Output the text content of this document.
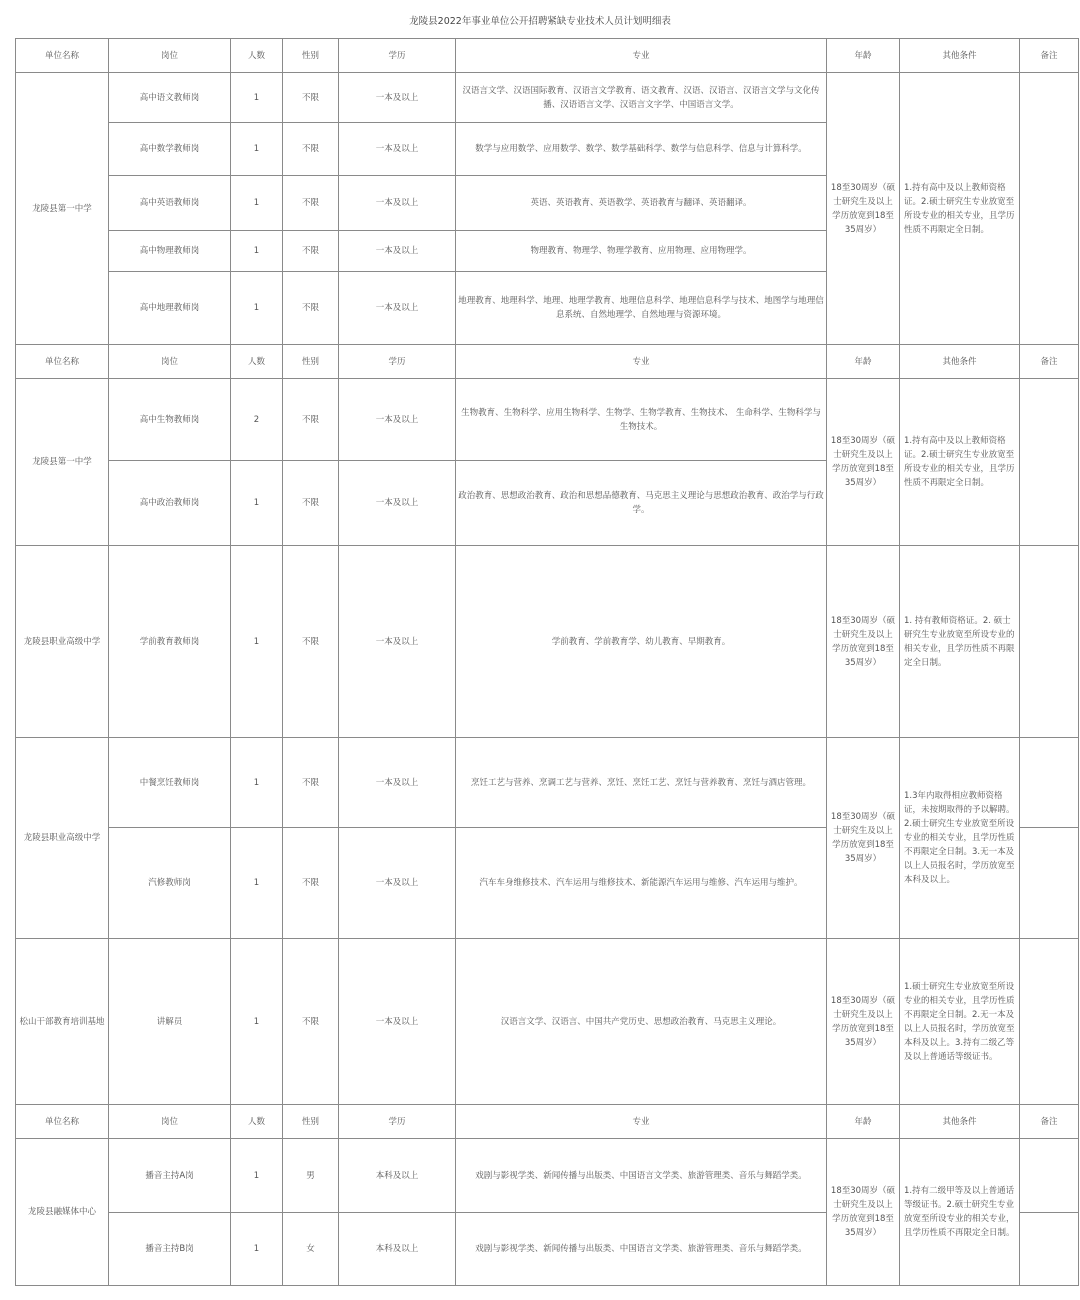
龙陵县2022年事业单位公开招聘紧缺专业技术人员计划明细表
单位名称	岗位	人数	性别	学历	专业	年龄	其他条件	备注
龙陵县第一中学	高中语文教师岗	1	不限	一本及以上	汉语言文学、汉语国际教育、汉语言文学教育、语文教育、汉语、汉语言、汉语言文学与文化传播、汉语语言文学、汉语言文字学、中国语言文学。	18至30周岁（硕士研究生及以上学历放宽到18至35周岁）	1.持有高中及以上教师资格证。2.硕士研究生专业放宽至所设专业的相关专业，且学历性质不再限定全日制。	
	高中数学教师岗	1	不限	一本及以上	数学与应用数学、应用数学、数学、数学基础科学、数学与信息科学、信息与计算科学。			
	高中英语教师岗	1	不限	一本及以上	英语、英语教育、英语教学、英语教育与翻译、英语翻译。			
	高中物理教师岗	1	不限	一本及以上	物理教育、物理学、物理学教育、应用物理、应用物理学。			
	高中地理教师岗	1	不限	一本及以上	地理教育、地理科学、地理、地理学教育、地理信息科学、地理信息科学与技术、地图学与地理信息系统、自然地理学、自然地理与资源环境。			
单位名称	岗位	人数	性别	学历	专业	年龄	其他条件	备注
龙陵县第一中学	高中生物教师岗	2	不限	一本及以上	生物教育、生物科学、应用生物科学、生物学、生物学教育、生物技术、 生命科学、生物科学与生物技术。	18至30周岁（硕士研究生及以上学历放宽到18至35周岁）	1.持有高中及以上教师资格证。2.硕士研究生专业放宽至所设专业的相关专业，且学历性质不再限定全日制。	
	高中政治教师岗	1	不限	一本及以上	政治教育、思想政治教育、政治和思想品德教育、马克思主义理论与思想政治教育、政治学与行政学。			
龙陵县职业高级中学	学前教育教师岗	1	不限	一本及以上	学前教育、学前教育学、幼儿教育、早期教育。	18至30周岁（硕士研究生及以上学历放宽到18至35周岁）	1. 持有教师资格证。2. 硕士研究生专业放宽至所设专业的相关专业，且学历性质不再限定全日制。	
龙陵县职业高级中学	中餐烹饪教师岗	1	不限	一本及以上	烹饪工艺与营养、烹调工艺与营养、烹饪、烹饪工艺、烹饪与营养教育、烹饪与酒店管理。	18至30周岁（硕士研究生及以上学历放宽到18至35周岁）	1.3年内取得相应教师资格证，未按期取得的予以解聘。2.硕士研究生专业放宽至所设专业的相关专业，且学历性质不再限定全日制。3.无一本及以上人员报名时，学历放宽至本科及以上。	
	汽修教师岗	1	不限	一本及以上	汽车车身维修技术、汽车运用与维修技术、新能源汽车运用与维修、汽车运用与维护。			
松山干部教育培训基地	讲解员	1	不限	一本及以上	汉语言文学、汉语言、中国共产党历史、思想政治教育、马克思主义理论。	18至30周岁（硕士研究生及以上学历放宽到18至35周岁）	1.硕士研究生专业放宽至所设专业的相关专业，且学历性质不再限定全日制。2.无一本及以上人员报名时，学历放宽至本科及以上。3.持有二级乙等及以上普通话等级证书。	
单位名称	岗位	人数	性别	学历	专业	年龄	其他条件	备注
龙陵县融媒体中心	播音主持A岗	1	男	本科及以上	戏剧与影视学类、新闻传播与出版类、中国语言文学类、旅游管理类、音乐与舞蹈学类。	18至30周岁（硕士研究生及以上学历放宽到18至35周岁）	1.持有二级甲等及以上普通话等级证书。2.硕士研究生专业放宽至所设专业的相关专业，且学历性质不再限定全日制。	
	播音主持B岗	1	女	本科及以上	戏剧与影视学类、新闻传播与出版类、中国语言文学类、旅游管理类、音乐与舞蹈学类。			
